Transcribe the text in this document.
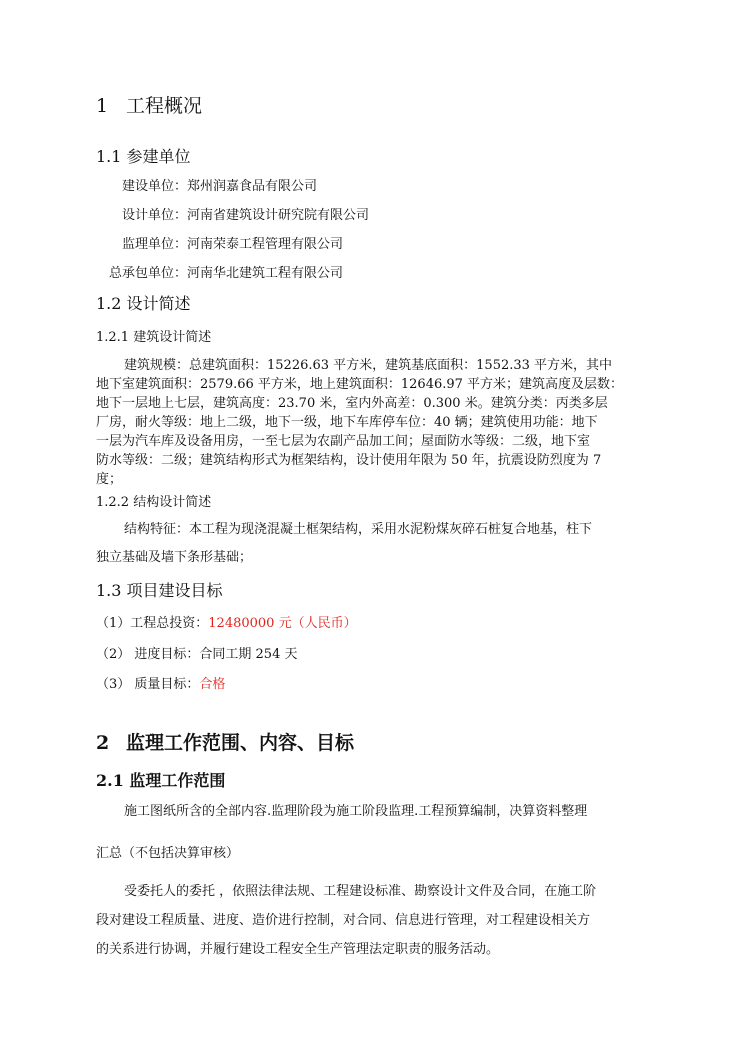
1 工程概况
1.1 参建单位
建设单位：郑州润嘉食品有限公司
设计单位：河南省建筑设计研究院有限公司
监理单位：河南荣泰工程管理有限公司
总承包单位：河南华北建筑工程有限公司
1.2 设计简述
1.2.1 建筑设计简述
建筑规模：总建筑面积：15226.63 平方米，建筑基底面积：1552.33 平方米，其中
地下室建筑面积：2579.66 平方米，地上建筑面积：12646.97 平方米；建筑高度及层数：
地下一层地上七层，建筑高度：23.70 米，室内外高差：0.300 米。建筑分类：丙类多层
厂房，耐火等级：地上二级，地下一级，地下车库停车位：40 辆；建筑使用功能：地下
一层为汽车库及设备用房，一至七层为农副产品加工间；屋面防水等级：二级，地下室
防水等级：二级；建筑结构形式为框架结构，设计使用年限为 50 年，抗震设防烈度为 7
度；
1.2.2 结构设计简述
结构特征：本工程为现浇混凝土框架结构，采用水泥粉煤灰碎石桩复合地基，柱下
独立基础及墙下条形基础；
1.3 项目建设目标
（1）工程总投资：12480000 元（人民币）
（2） 进度目标：合同工期 254 天
（3） 质量目标：合格
2 监理工作范围、内容、目标
2.1 监理工作范围
施工图纸所含的全部内容.监理阶段为施工阶段监理.工程预算编制，决算资料整理
汇总（不包括决算审核）
受委托人的委托 ，依照法律法规、工程建设标准、勘察设计文件及合同，在施工阶
段对建设工程质量、进度、造价进行控制，对合同、信息进行管理，对工程建设相关方
的关系进行协调，并履行建设工程安全生产管理法定职责的服务活动。
